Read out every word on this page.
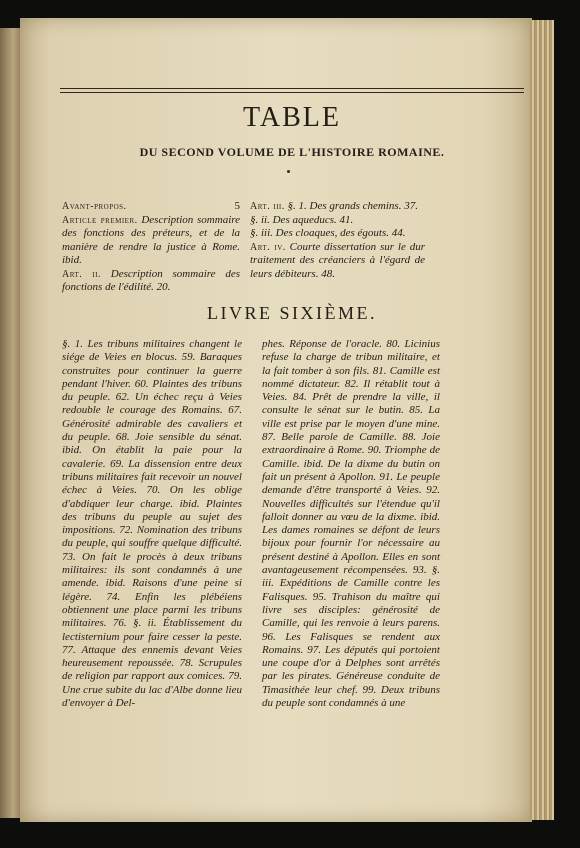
TABLE
DU SECOND VOLUME DE L'HISTOIRE ROMAINE.

Avant-propos.	5

Article premier. Description sommaire des fonctions des préteurs, et de la manière de rendre la justice à Rome. ibid.

Art. ii. Description sommaire des fonctions de l'édilité. 20.

Art. iii. §. 1. Des grands chemins. 37.

§. ii. Des aqueducs. 41.

§. iii. Des cloaques, des égouts. 44.

Art. iv. Courte dissertation sur le dur traitement des créanciers à l'égard de leurs débiteurs. 48.

LIVRE SIXIÈME.

§. 1. Les tribuns militaires changent le siége de Veies en blocus. 59. Baraques construites pour continuer la guerre pendant l'hiver. 60. Plaintes des tribuns du peuple. 62. Un échec reçu à Veies redouble le courage des Romains. 67. Générosité admirable des cavaliers et du peuple. 68. Joie sensible du sénat. ibid. On établit la paie pour la cavalerie. 69. La dissension entre deux tribuns militaires fait recevoir un nouvel échec à Veies. 70. On les oblige d'abdiquer leur charge. ibid. Plaintes des tribuns du peuple au sujet des impositions. 72. Nomination des tribuns du peuple, qui souffre quelque difficulté. 73. On fait le procès à deux tribuns militaires: ils sont condamnés à une amende. ibid. Raisons d'une peine si légère. 74. Enfin les plébéiens obtiennent une place parmi les tribuns militaires. 76. §. ii. Établissement du lectisternium pour faire cesser la peste. 77. Attaque des ennemis devant Veies heureusement repoussée. 78. Scrupules de religion par rapport aux comices. 79. Une crue subite du lac d'Albe donne lieu d'envoyer à Del-

phes. Réponse de l'oracle. 80. Licinius refuse la charge de tribun militaire, et la fait tomber à son fils. 81. Camille est nommé dictateur. 82. Il rétablit tout à Veies. 84. Prêt de prendre la ville, il consulte le sénat sur le butin. 85. La ville est prise par le moyen d'une mine. 87. Belle parole de Camille. 88. Joie extraordinaire à Rome. 90. Triomphe de Camille. ibid. De la dixme du butin on fait un présent à Apollon. 91. Le peuple demande d'être transporté à Veies. 92. Nouvelles difficultés sur l'étendue qu'il falloit donner au vœu de la dixme. ibid. Les dames romaines se défont de leurs bijoux pour fournir l'or nécessaire au présent destiné à Apollon. Elles en sont avantageusement récompensées. 93. §. iii. Expéditions de Camille contre les Falisques. 95. Trahison du maître qui livre ses disciples: générosité de Camille, qui les renvoie à leurs parens. 96. Les Falisques se rendent aux Romains. 97. Les députés qui portoient une coupe d'or à Delphes sont arrêtés par les pirates. Généreuse conduite de Timasithée leur chef. 99. Deux tribuns du peuple sont condamnés à une
